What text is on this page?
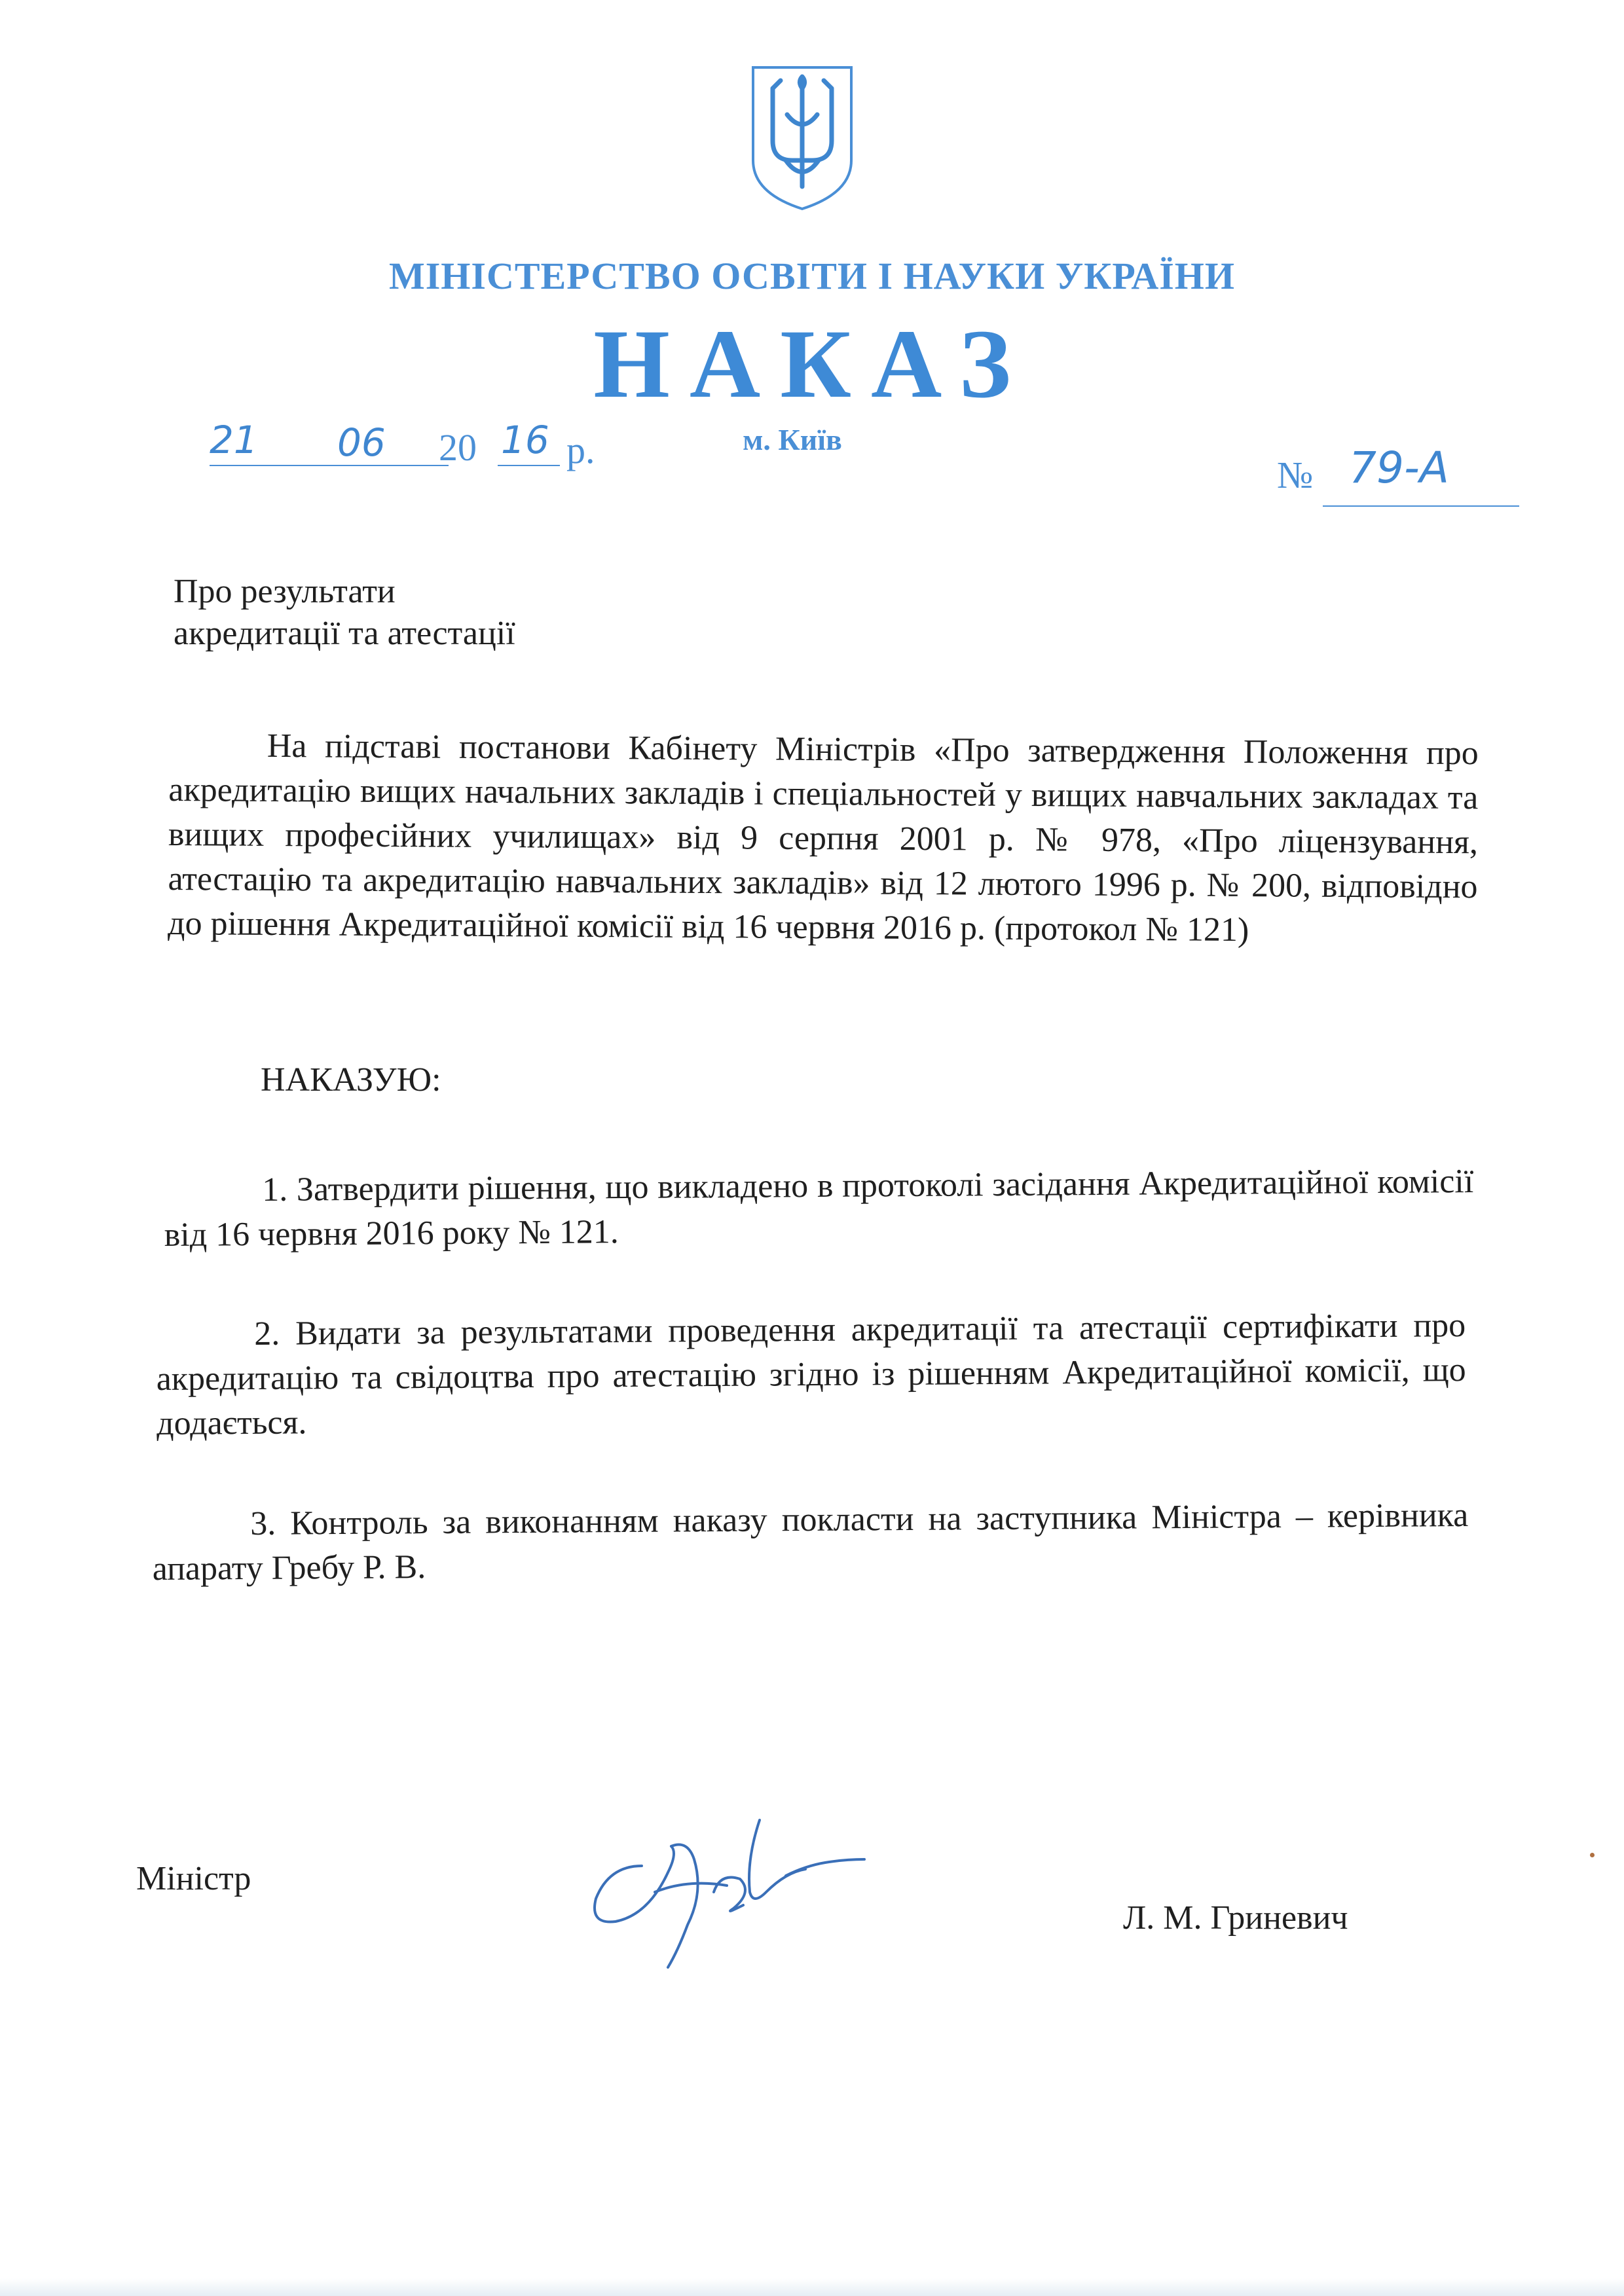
МІНІСТЕРСТВО ОСВІТИ І НАУКИ УКРАЇНИ
НАКАЗ
м. Київ
21 06 20 16 р.
№ 79-А
Про результати
акредитації та атестації
На підставі постанови Кабінету Міністрів «Про затвердження Положення про акредитацію вищих начальних закладів і спеціальностей у вищих навчальних закладах та вищих професійних училищах» від 9 серпня 2001 р. № 978, «Про ліцензування, атестацію та акредитацію навчальних закладів» від 12 лютого 1996 р. № 200, відповідно до рішення Акредитаційної комісії від 16 червня 2016 р. (протокол № 121)
НАКАЗУЮ:
1. Затвердити рішення, що викладено в протоколі засідання Акредитаційної комісії від 16 червня 2016 року № 121.
2. Видати за результатами проведення акредитації та атестації сертифікати про акредитацію та свідоцтва про атестацію згідно із рішенням Акредитаційної комісії, що додається.
3. Контроль за виконанням наказу покласти на заступника Міністра – керівника апарату Гребу Р. В.
Міністр
Л. М. Гриневич
